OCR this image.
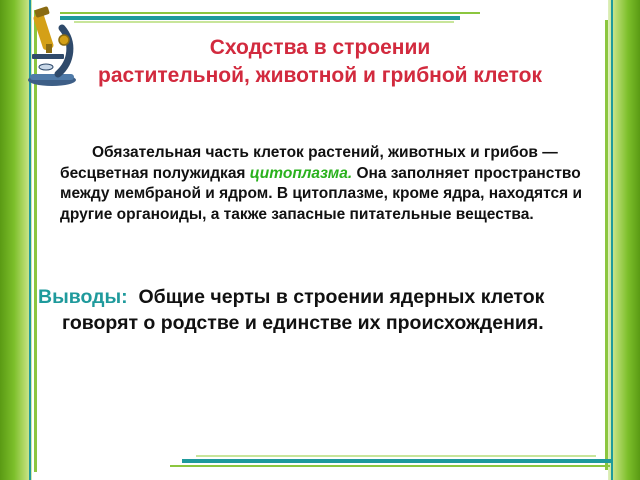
Сходства в строении
растительной, животной и грибной клеток

Обязательная часть клеток растений, животных и грибов — бесцветная полужидкая цитоплазма. Она заполняет пространство между мембраной и ядром. В цитоплазме, кроме ядра, находятся и другие органоиды, а также запасные питательные вещества.

Выводы:  Общие черты в строении ядерных клеток
говорят о родстве и единстве их происхождения.
